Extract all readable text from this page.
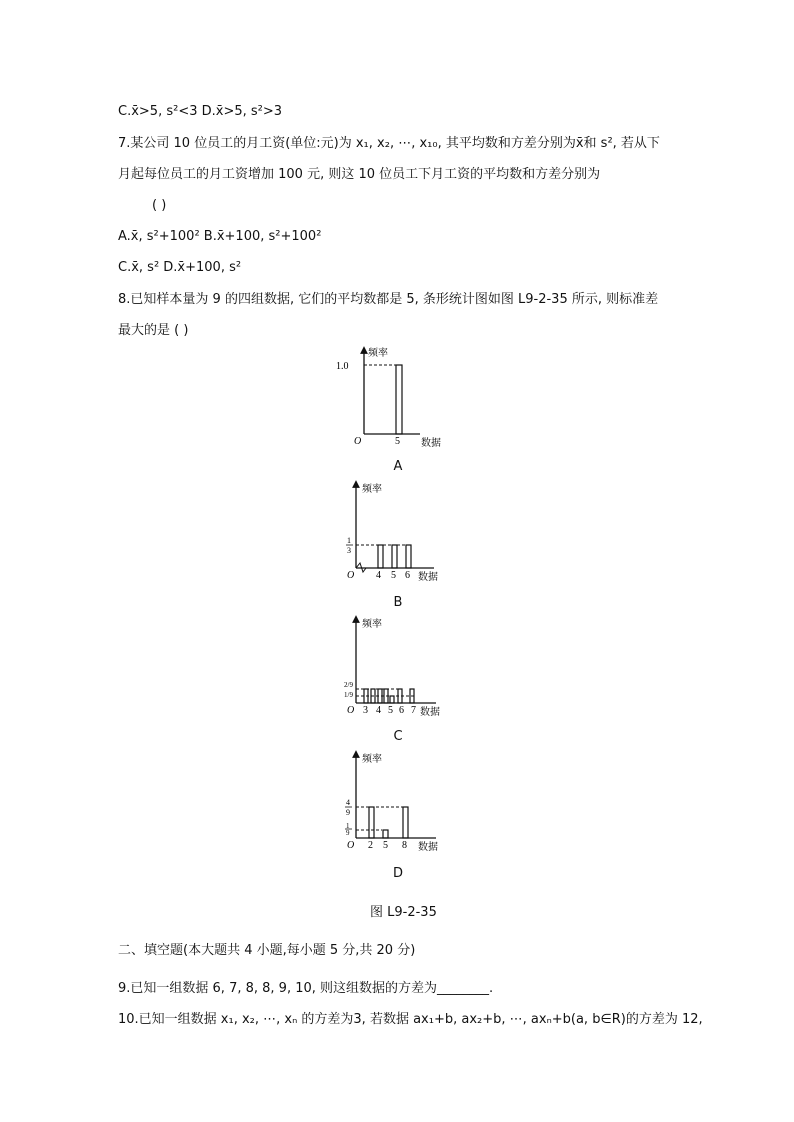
C.x̄>5, s²<3 D.x̄>5, s²>3
7.某公司 10 位员工的月工资(单位:元)为 x₁, x₂, ⋯, x₁₀, 其平均数和方差分别为x̄和 s², 若从下
月起每位员工的月工资增加 100 元, 则这 10 位员工下月工资的平均数和方差分别为
( )
A.x̄, s²+100² B.x̄+100, s²+100²
C.x̄, s² D.x̄+100, s²
8.已知样本量为 9 的四组数据, 它们的平均数都是 5, 条形统计图如图 L9-2-35 所示, 则标准差
最大的是 ( )
频率
O
1.0
5 数据
A
频率
O
1
3
4 5 6 数据
B
频率
O
2/9
1/9
3 4 5 6 7 数据
C
频率
O
4
9
1
9
2 5 8 数据
D
图 L9-2-35
二、填空题(本大题共 4 小题,每小题 5 分,共 20 分)
9.已知一组数据 6, 7, 8, 8, 9, 10, 则这组数据的方差为________.
10.已知一组数据 x₁, x₂, ⋯, xₙ 的方差为3, 若数据 ax₁+b, ax₂+b, ⋯, axₙ+b(a, b∈R)的方差为 12,
